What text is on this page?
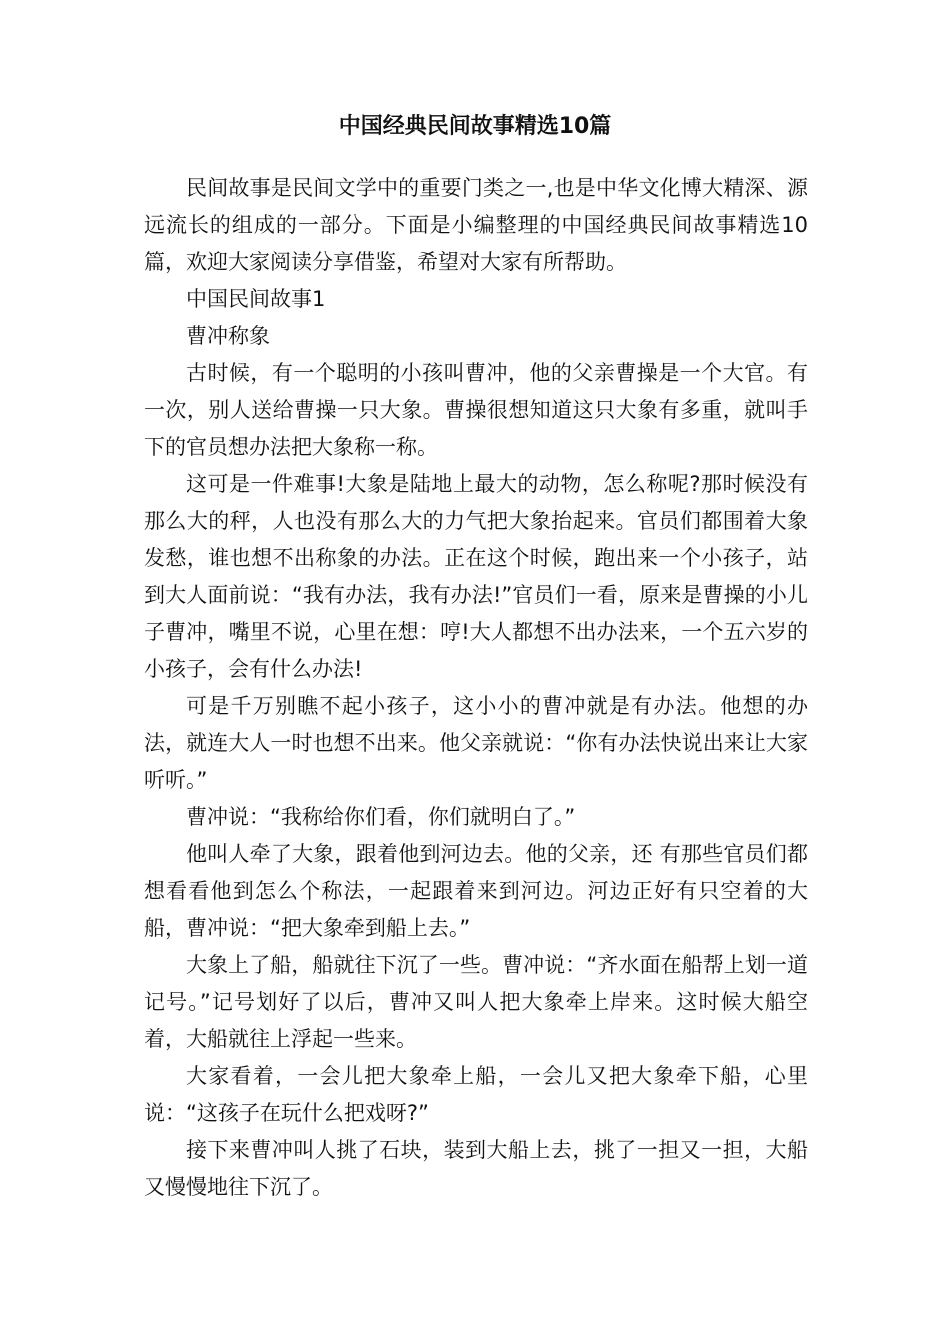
中国经典民间故事精选10篇

民间故事是民间文学中的重要门类之一,也是中华文化博大精深、源远流长的组成的一部分。下面是小编整理的中国经典民间故事精选10篇，欢迎大家阅读分享借鉴，希望对大家有所帮助。

中国民间故事1

曹冲称象

古时候，有一个聪明的小孩叫曹冲，他的父亲曹操是一个大官。有一次，别人送给曹操一只大象。曹操很想知道这只大象有多重，就叫手下的官员想办法把大象称一称。

这可是一件难事!大象是陆地上最大的动物，怎么称呢?那时候没有那么大的秤，人也没有那么大的力气把大象抬起来。官员们都围着大象发愁，谁也想不出称象的办法。正在这个时候，跑出来一个小孩子，站到大人面前说：“我有办法，我有办法!”官员们一看，原来是曹操的小儿子曹冲，嘴里不说，心里在想：哼!大人都想不出办法来，一个五六岁的小孩子，会有什么办法!

可是千万别瞧不起小孩子，这小小的曹冲就是有办法。他想的办法，就连大人一时也想不出来。他父亲就说：“你有办法快说出来让大家听听。”

曹冲说：“我称给你们看，你们就明白了。”

他叫人牵了大象，跟着他到河边去。他的父亲，还 有那些官员们都想看看他到怎么个称法，一起跟着来到河边。河边正好有只空着的大船，曹冲说：“把大象牵到船上去。”

大象上了船，船就往下沉了一些。曹冲说：“齐水面在船帮上划一道记号。”记号划好了以后，曹冲又叫人把大象牵上岸来。这时候大船空着，大船就往上浮起一些来。

大家看着，一会儿把大象牵上船，一会儿又把大象牵下船，心里说：“这孩子在玩什么把戏呀?”

接下来曹冲叫人挑了石块，装到大船上去，挑了一担又一担，大船又慢慢地往下沉了。
